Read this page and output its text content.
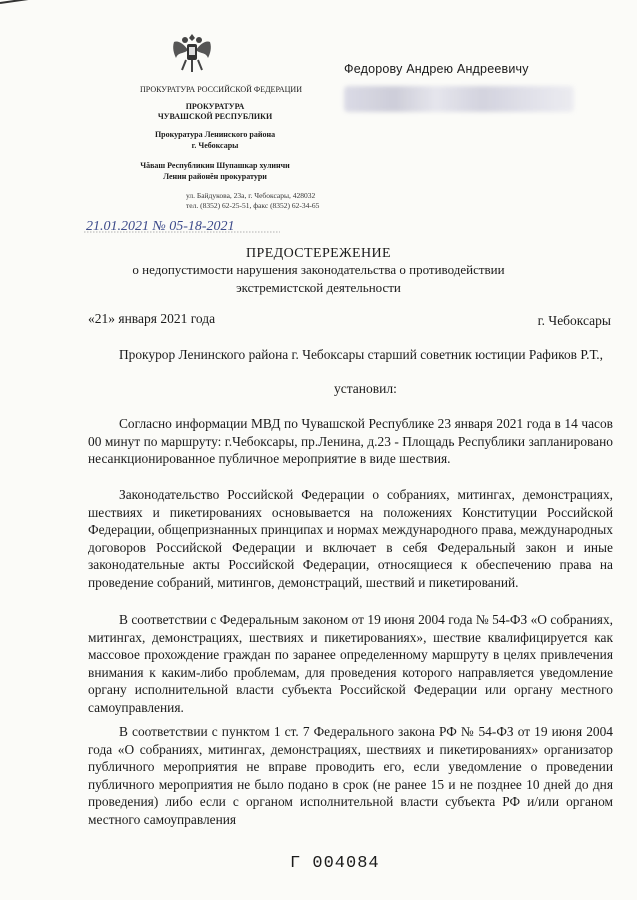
ПРОКУРАТУРА РОССИЙСКОЙ ФЕДЕРАЦИИ
ПРОКУРАТУРА
ЧУВАШСКОЙ РЕСПУБЛИКИ
Прокуратура Ленинского района
г. Чебоксары
Чăваш Республикин Шупашкар хулинчи
Ленин районĕн прокуратури
ул. Байдукова, 23а, г. Чебоксары, 428032
тел. (8352) 62-25-51, факс (8352) 62-34-65
21.01.2021 № 05-18-2021
Федорову Андрею Андреевичу
ПРЕДОСТЕРЕЖЕНИЕ
о недопустимости нарушения законодательства о противодействии
экстремистской деятельности
«21» января 2021 года	г. Чебоксары
Прокурор Ленинского района г. Чебоксары старший советник юстиции Рафиков Р.Т.,
установил:
Согласно информации МВД по Чувашской Республике 23 января 2021 года в 14 часов 00 минут по маршруту: г.Чебоксары, пр.Ленина, д.23 - Площадь Республики запланировано несанкционированное публичное мероприятие в виде шествия.
Законодательство Российской Федерации о собраниях, митингах, демонстрациях, шествиях и пикетированиях основывается на положениях Конституции Российской Федерации, общепризнанных принципах и нормах международного права, международных договоров Российской Федерации и включает в себя Федеральный закон и иные законодательные акты Российской Федерации, относящиеся к обеспечению права на проведение собраний, митингов, демонстраций, шествий и пикетирований.
В соответствии с Федеральным законом от 19 июня 2004 года № 54-ФЗ «О собраниях, митингах, демонстрациях, шествиях и пикетированиях», шествие квалифицируется как массовое прохождение граждан по заранее определенному маршруту в целях привлечения внимания к каким-либо проблемам, для проведения которого направляется уведомление органу исполнительной власти субъекта Российской Федерации или органу местного самоуправления.
В соответствии с пунктом 1 ст. 7 Федерального закона РФ № 54-ФЗ от 19 июня 2004 года «О собраниях, митингах, демонстрациях, шествиях и пикетированиях» организатор публичного мероприятия не вправе проводить его, если уведомление о проведении публичного мероприятия не было подано в срок (не ранее 15 и не позднее 10 дней до дня проведения) либо если с органом исполнительной власти субъекта РФ и/или органом местного самоуправления
Г 004084
